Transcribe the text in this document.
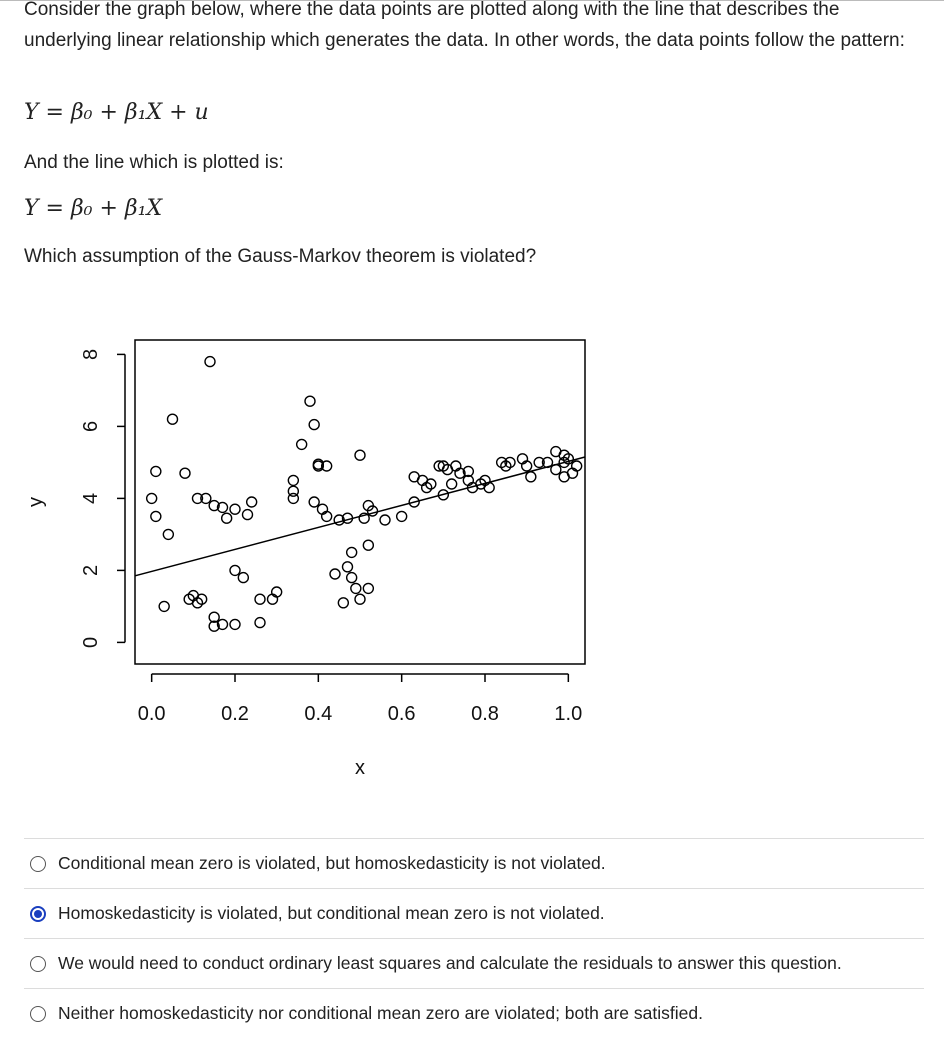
Consider the graph below, where the data points are plotted along with the line that describes the underlying linear relationship which generates the data. In other words, the data points follow the pattern:

Y = β₀ + β₁X + u
And the line which is plotted is:
Y = β₀ + β₁X
Which assumption of the Gauss-Markov theorem is violated?
0.0	0.2	0.4	0.6	0.8	1.0
0
2
4
6
8
x
y
Conditional mean zero is violated, but homoskedasticity is not violated.
Homoskedasticity is violated, but conditional mean zero is not violated.
We would need to conduct ordinary least squares and calculate the residuals to answer this question.
Neither homoskedasticity nor conditional mean zero are violated; both are satisfied.
